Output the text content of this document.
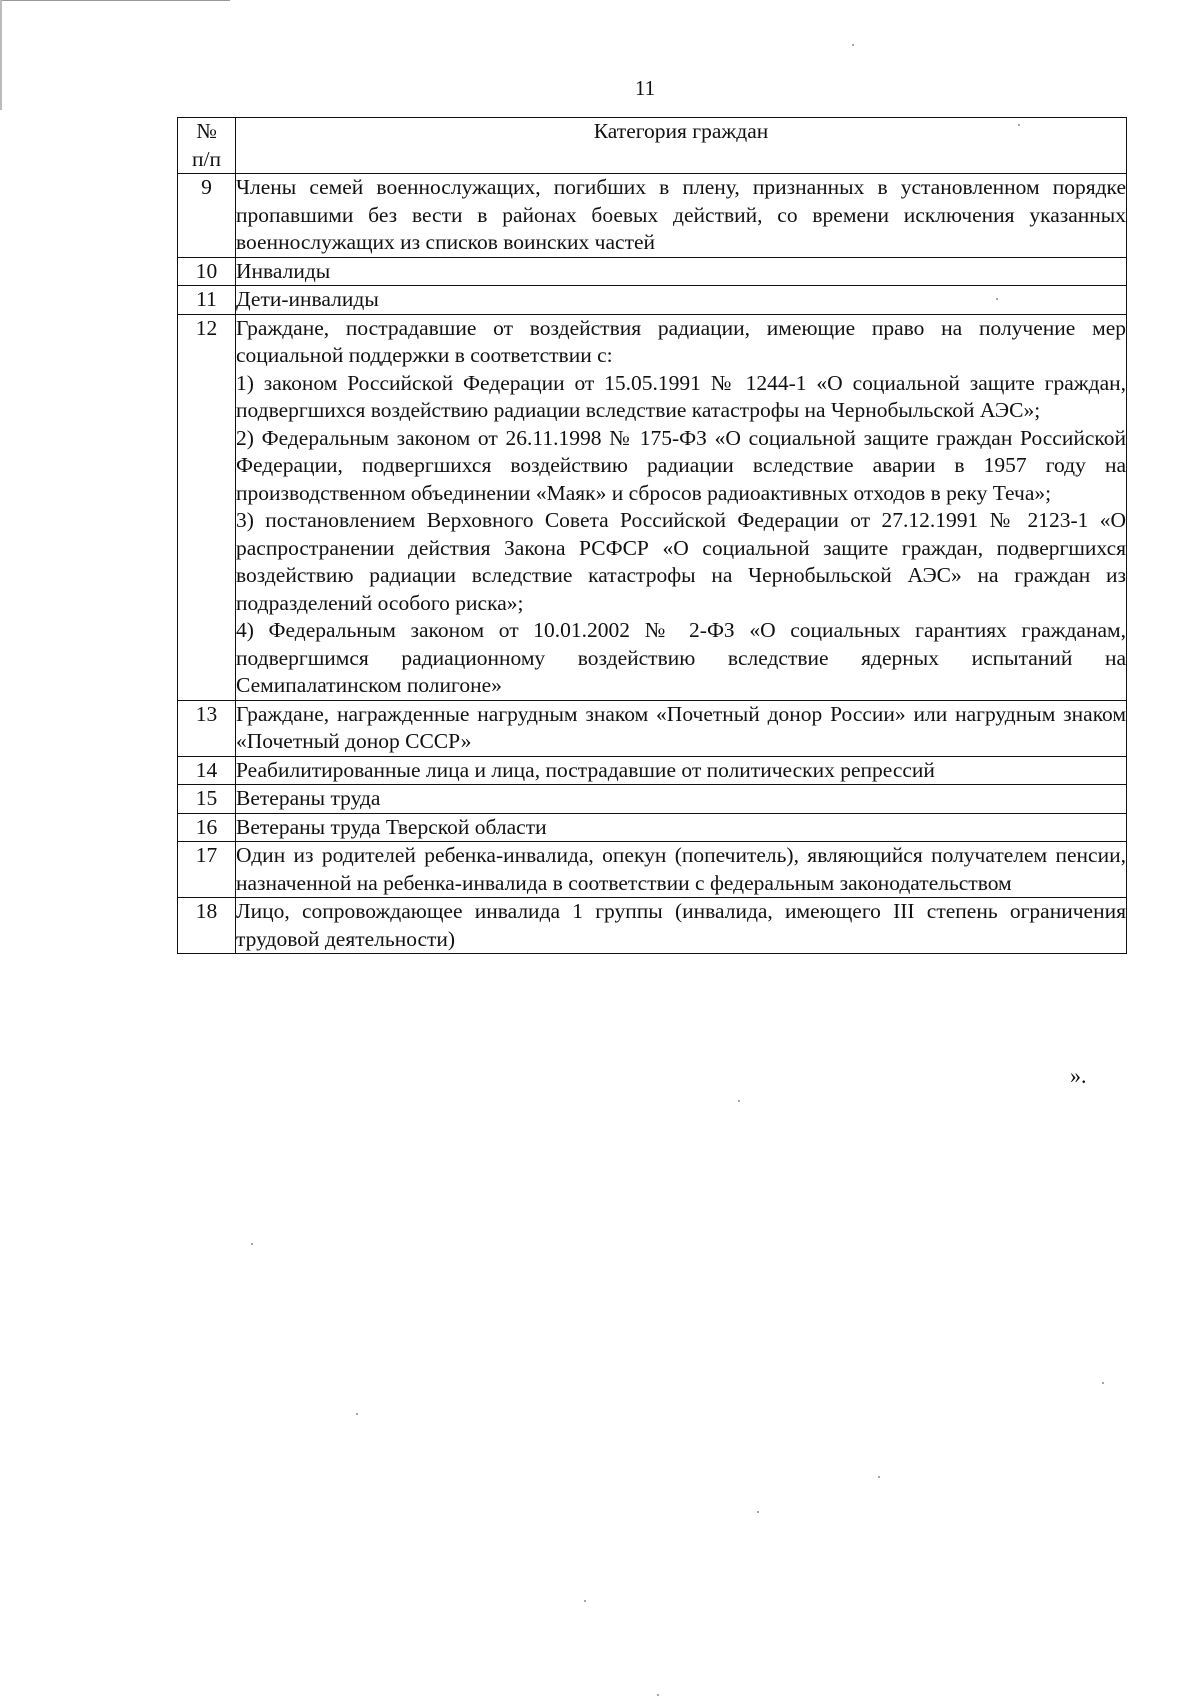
11
№
п/п	Категория граждан
9	Члены семей военнослужащих, погибших в плену, признанных в установленном порядке пропавшими без вести в районах боевых действий, со времени исключения указанных военнослужащих из списков воинских частей

10	Инвалиды

11	Дети-инвалиды

12	Граждане, пострадавшие от воздействия радиации, имеющие право на получение мер социальной поддержки в соответствии с:

1) законом Российской Федерации от 15.05.1991 № 1244-1 «О социальной защите граждан, подвергшихся воздействию радиации вследствие катастрофы на Чернобыльской АЭС»;

2) Федеральным законом от 26.11.1998 № 175-ФЗ «О социальной защите граждан Российской Федерации, подвергшихся воздействию радиации вследствие аварии в 1957 году на производственном объединении «Маяк» и сбросов радиоактивных отходов в реку Теча»;

3) постановлением Верховного Совета Российской Федерации от 27.12.1991 № 2123-1 «О распространении действия Закона РСФСР «О социальной защите граждан, подвергшихся воздействию радиации вследствие катастрофы на Чернобыльской АЭС» на граждан из подразделений особого риска»;

4) Федеральным законом от 10.01.2002 № 2-ФЗ «О социальных гарантиях гражданам, подвергшимся радиационному воздействию вследствие ядерных испытаний на Семипалатинском полигоне»

13	Граждане, награжденные нагрудным знаком «Почетный донор России» или нагрудным знаком «Почетный донор СССР»

14	Реабилитированные лица и лица, пострадавшие от политических репрессий

15	Ветераны труда

16	Ветераны труда Тверской области

17	Один из родителей ребенка-инвалида, опекун (попечитель), являющийся получателем пенсии, назначенной на ребенка-инвалида в соответствии с федеральным законодательством

18	Лицо, сопровождающее инвалида 1 группы (инвалида, имеющего III степень ограничения трудовой деятельности)

».
